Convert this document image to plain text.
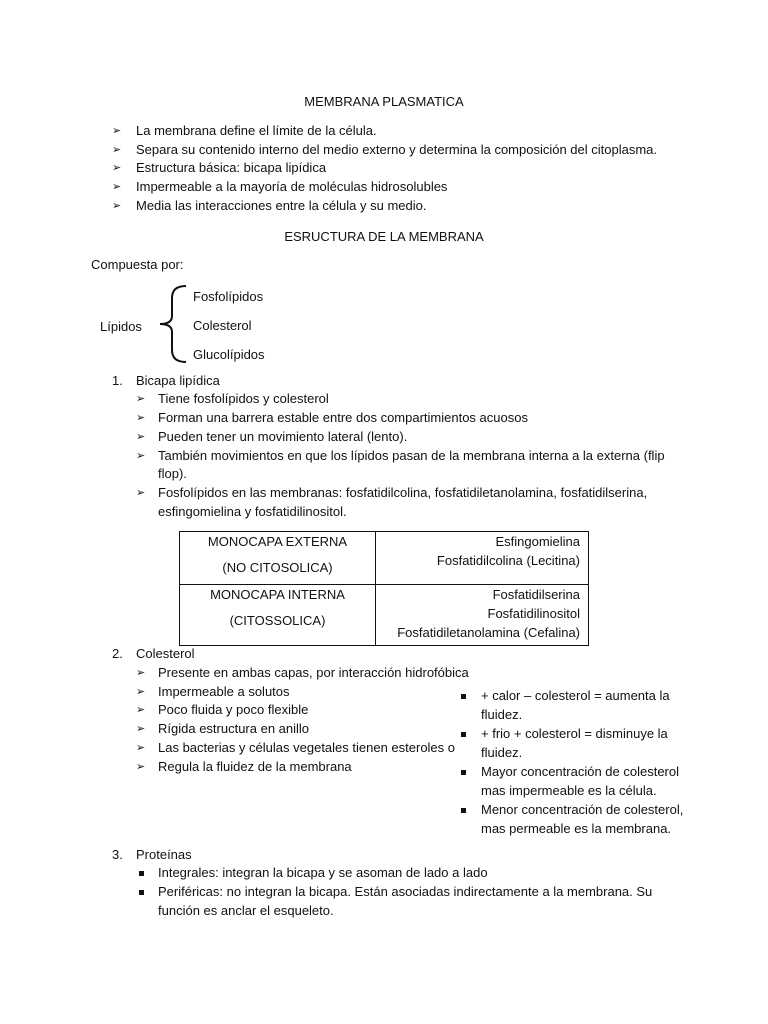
MEMBRANA PLASMATICA
➢ La membrana define el límite de la célula.
➢ Separa su contenido interno del medio externo y determina la composición del citoplasma.
➢ Estructura básica: bicapa lipídica
➢ Impermeable a la mayoría de moléculas hidrosolubles
➢ Media las interacciones entre la célula y su medio.
ESRUCTURA DE LA MEMBRANA
Compuesta por:
Lípidos
Fosfolípidos
Colesterol
Glucolípidos
1. Bicapa lipídica
➢ Tiene fosfolípidos y colesterol
➢ Forman una barrera estable entre dos compartimientos acuosos
➢ Pueden tener un movimiento lateral (lento).
➢ También movimientos en que los lípidos pasan de la membrana interna a la externa (flip
flop).
➢ Fosfolípidos en las membranas: fosfatidilcolina, fosfatidiletanolamina, fosfatidilserina,
esfingomielina y fosfatidilinositol.
MONOCAPA EXTERNA
(NO CITOSOLICA)	Esfingomielina
Fosfatidilcolina (Lecitina)

MONOCAPA INTERNA
(CITOSSOLICA)	Fosfatidilserina
Fosfatidilinositol
Fosfatidiletanolamina (Cefalina)
2. Colesterol
➢ Presente en ambas capas, por interacción hidrofóbica
➢ Impermeable a solutos
➢ Poco fluida y poco flexible
➢ Rígida estructura en anillo
➢ Las bacterias y células vegetales tienen esteroles o
➢ Regula la fluidez de la membrana
+ calor – colesterol = aumenta la
fluidez.
+ frio + colesterol = disminuye la
fluidez.
Mayor concentración de colesterol
mas impermeable es la célula.
Menor concentración de colesterol,
mas permeable es la membrana.
3. Proteínas
Integrales: integran la bicapa y se asoman de lado a lado
Periféricas: no integran la bicapa. Están asociadas indirectamente a la membrana. Su
función es anclar el esqueleto.
